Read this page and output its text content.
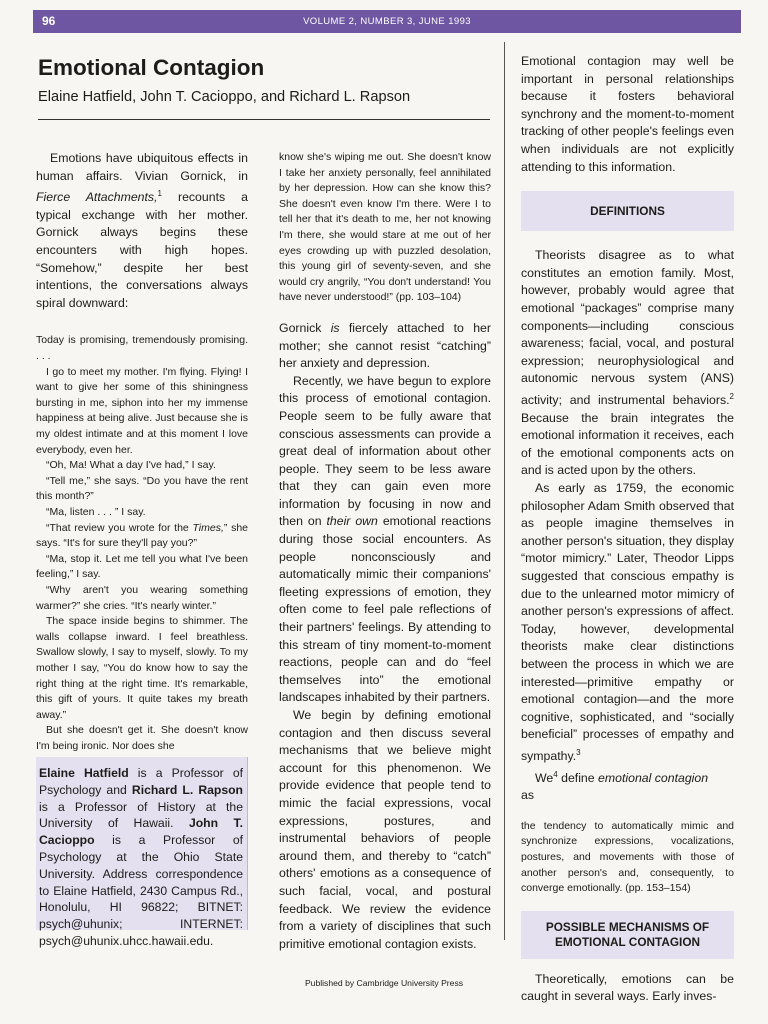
96	VOLUME 2, NUMBER 3, JUNE 1993
Emotional Contagion
Elaine Hatfield, John T. Cacioppo, and Richard L. Rapson

Emotions have ubiquitous effects in human affairs. Vivian Gornick, in Fierce Attachments,$^1$ recounts a typical exchange with her mother. Gornick always begins these encounters with high hopes. “Somehow,” despite her best intentions, the conversations always spiral downward:

Today is promising, tremendously promising. . . .

I go to meet my mother. I'm flying. Flying! I want to give her some of this shiningness bursting in me, siphon into her my immense happiness at being alive. Just because she is my oldest intimate and at this moment I love everybody, even her.

“Oh, Ma! What a day I've had,” I say.

“Tell me,” she says. “Do you have the rent this month?”

“Ma, listen . . . ” I say.

“That review you wrote for the Times,” she says. “It's for sure they'll pay you?”

“Ma, stop it. Let me tell you what I've been feeling,” I say.

“Why aren't you wearing something warmer?” she cries. “It's nearly winter.”

The space inside begins to shimmer. The walls collapse inward. I feel breathless. Swallow slowly, I say to myself, slowly. To my mother I say, “You do know how to say the right thing at the right time. It's remarkable, this gift of yours. It quite takes my breath away.”

But she doesn't get it. She doesn't know I'm being ironic. Nor does she

Elaine Hatfield is a Professor of Psychology and Richard L. Rapson is a Professor of History at the University of Hawaii. John T. Cacioppo is a Professor of Psychology at the Ohio State University. Address correspondence to Elaine Hatfield, 2430 Campus Rd., Honolulu, HI 96822; BITNET: psych@uhunix; INTERNET: psych@uhunix.uhcc.hawaii.edu.

know she's wiping me out. She doesn't know I take her anxiety personally, feel annihilated by her depression. How can she know this? She doesn't even know I'm there. Were I to tell her that it's death to me, her not knowing I'm there, she would stare at me out of her eyes crowding up with puzzled desolation, this young girl of seventy-seven, and she would cry angrily, “You don't understand! You have never understood!” (pp. 103–104)

Gornick is fiercely attached to her mother; she cannot resist “catching” her anxiety and depression.

Recently, we have begun to explore this process of emotional contagion. People seem to be fully aware that conscious assessments can provide a great deal of information about other people. They seem to be less aware that they can gain even more information by focusing in now and then on their own emotional reactions during those social encounters. As people nonconsciously and automatically mimic their companions' fleeting expressions of emotion, they often come to feel pale reflections of their partners' feelings. By attending to this stream of tiny moment-to-moment reactions, people can and do “feel themselves into” the emotional landscapes inhabited by their partners.

We begin by defining emotional contagion and then discuss several mechanisms that we believe might account for this phenomenon. We provide evidence that people tend to mimic the facial expressions, vocal expressions, postures, and instrumental behaviors of people around them, and thereby to “catch” others' emotions as a consequence of such facial, vocal, and postural feedback. We review the evidence from a variety of disciplines that such primitive emotional contagion exists.

Emotional contagion may well be important in personal relationships because it fosters behavioral synchrony and the moment-to-moment tracking of other people's feelings even when individuals are not explicitly attending to this information.

DEFINITIONS

Theorists disagree as to what constitutes an emotion family. Most, however, probably would agree that emotional “packages” comprise many components—including conscious awareness; facial, vocal, and postural expression; neurophysiological and autonomic nervous system (ANS) activity; and instrumental behaviors.$^2$ Because the brain integrates the emotional information it receives, each of the emotional components acts on and is acted upon by the others.

As early as 1759, the economic philosopher Adam Smith observed that as people imagine themselves in another person's situation, they display “motor mimicry.” Later, Theodor Lipps suggested that conscious empathy is due to the unlearned motor mimicry of another person's expressions of affect. Today, however, developmental theorists make clear distinctions between the process in which we are interested—primitive empathy or emotional contagion—and the more cognitive, sophisticated, and “socially beneficial” processes of empathy and sympathy.$^3$

We$^4$ define emotional contagion

as

the tendency to automatically mimic and synchronize expressions, vocalizations, postures, and movements with those of another person's and, consequently, to converge emotionally. (pp. 153–154)

POSSIBLE MECHANISMS OF
EMOTIONAL CONTAGION

Theoretically, emotions can be caught in several ways. Early inves-

Published by Cambridge University Press
